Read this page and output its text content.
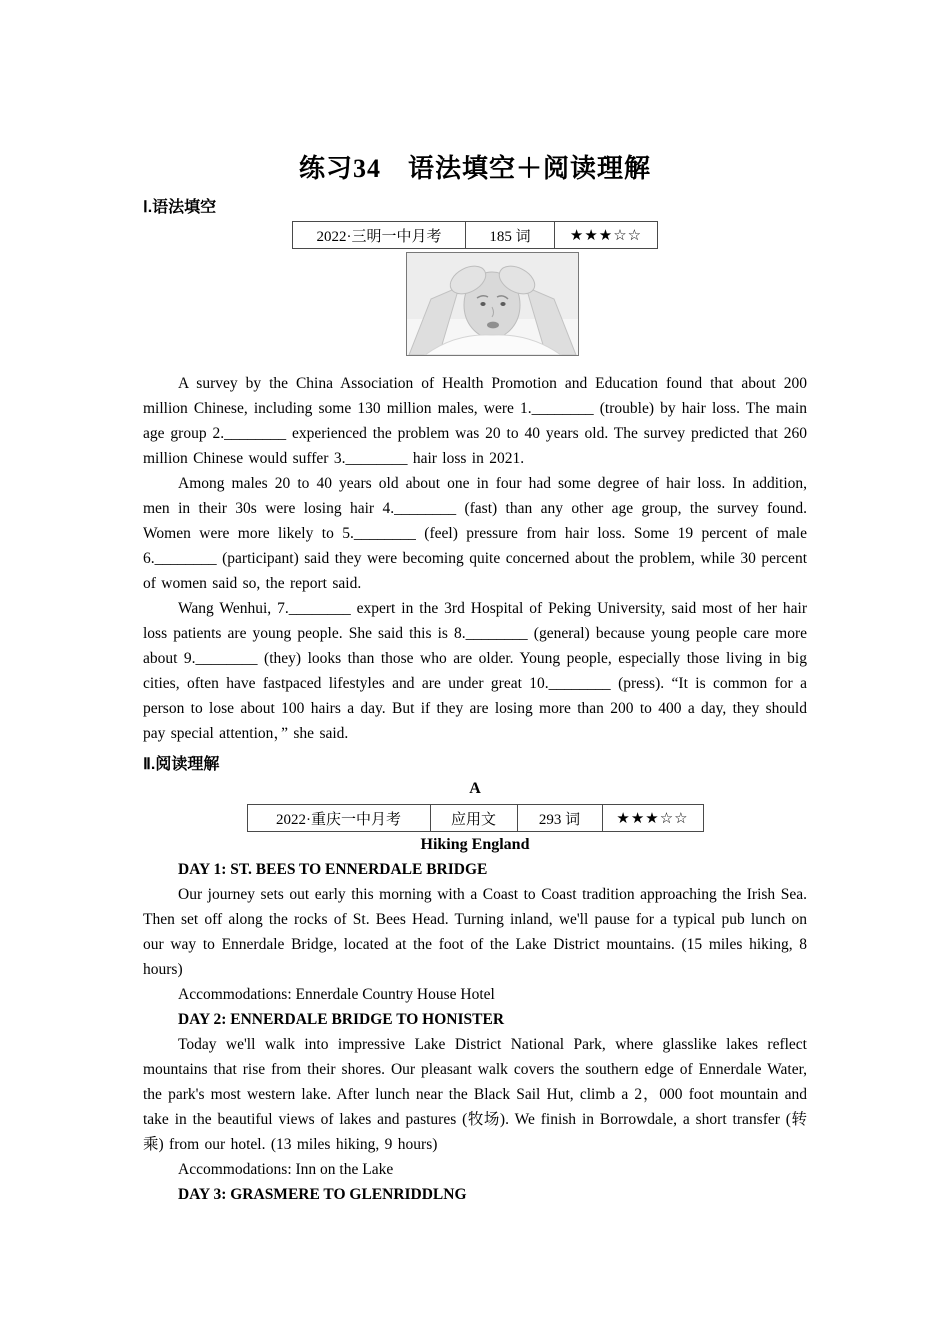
练习34　语法填空＋阅读理解
Ⅰ.语法填空
2022·三明一中月考	185 词	★★★☆☆

A survey by the China Association of Health Promotion and Education found that about 200 million Chinese, including some 130 million males, were 1.________ (trouble) by hair loss. The main age group 2.________ experienced the problem was 20 to 40 years old. The survey predicted that 260 million Chinese would suffer 3.________ hair loss in 2021.

Among males 20 to 40 years old about one in four had some degree of hair loss. In addition, men in their 30s were losing hair 4.________ (fast) than any other age group, the survey found. Women were more likely to 5.________ (feel) pressure from hair loss. Some 19 percent of male 6.________ (participant) said they were becoming quite concerned about the problem, while 30 percent of women said so, the report said.

Wang Wenhui, 7.________ expert in the 3rd Hospital of Peking University, said most of her hair loss patients are young people. She said this is 8.________ (general) because young people care more about 9.________ (they) looks than those who are older. Young people, especially those living in big cities, often have fastpaced lifestyles and are under great 10.________ (press). “It is common for a person to lose about 100 hairs a day. But if they are losing more than 200 to 400 a day, they should pay special attention，” she said.

Ⅱ.阅读理解

A

2022·重庆一中月考	应用文	293 词	★★★☆☆

Hiking England

DAY 1: ST. BEES TO ENNERDALE BRIDGE

Our journey sets out early this morning with a Coast to Coast tradition approaching the Irish Sea. Then set off along the rocks of St. Bees Head. Turning inland, we'll pause for a typical pub lunch on our way to Ennerdale Bridge, located at the foot of the Lake District mountains. (15 miles hiking, 8 hours)

Accommodations: Ennerdale Country House Hotel

DAY 2: ENNERDALE BRIDGE TO HONISTER

Today we'll walk into impressive Lake District National Park, where glasslike lakes reflect mountains that rise from their shores. Our pleasant walk covers the southern edge of Ennerdale Water, the park's most western lake. After lunch near the Black Sail Hut, climb a 2，000 foot mountain and take in the beautiful views of lakes and pastures (牧场). We finish in Borrowdale, a short transfer (转乘) from our hotel. (13 miles hiking, 9 hours)

Accommodations: Inn on the Lake

DAY 3: GRASMERE TO GLENRIDDLNG
